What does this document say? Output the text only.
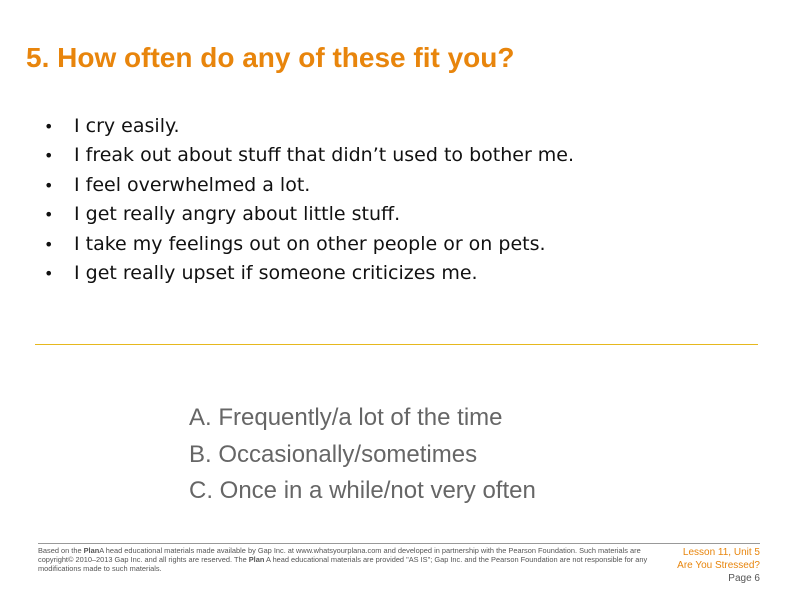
5. How often do any of these fit you?
• I cry easily.
• I freak out about stuff that didn’t used to bother me.
• I feel overwhelmed a lot.
• I get really angry about little stuff.
• I take my feelings out on other people or on pets.
• I get really upset if someone criticizes me.
A. Frequently/a lot of the time
B. Occasionally/sometimes
C. Once in a while/not very often
Based on the PlanA head educational materials made available by Gap Inc. at www.whatsyourplana.com and developed in partnership with the Pearson Foundation. Such materials are copyright© 2010–2013 Gap Inc. and all rights are reserved. The Plan A head educational materials are provided "AS IS"; Gap Inc. and the Pearson Foundation are not responsible for any modifications made to such materials.
Lesson 11, Unit 5
Are You Stressed?
Page 6
